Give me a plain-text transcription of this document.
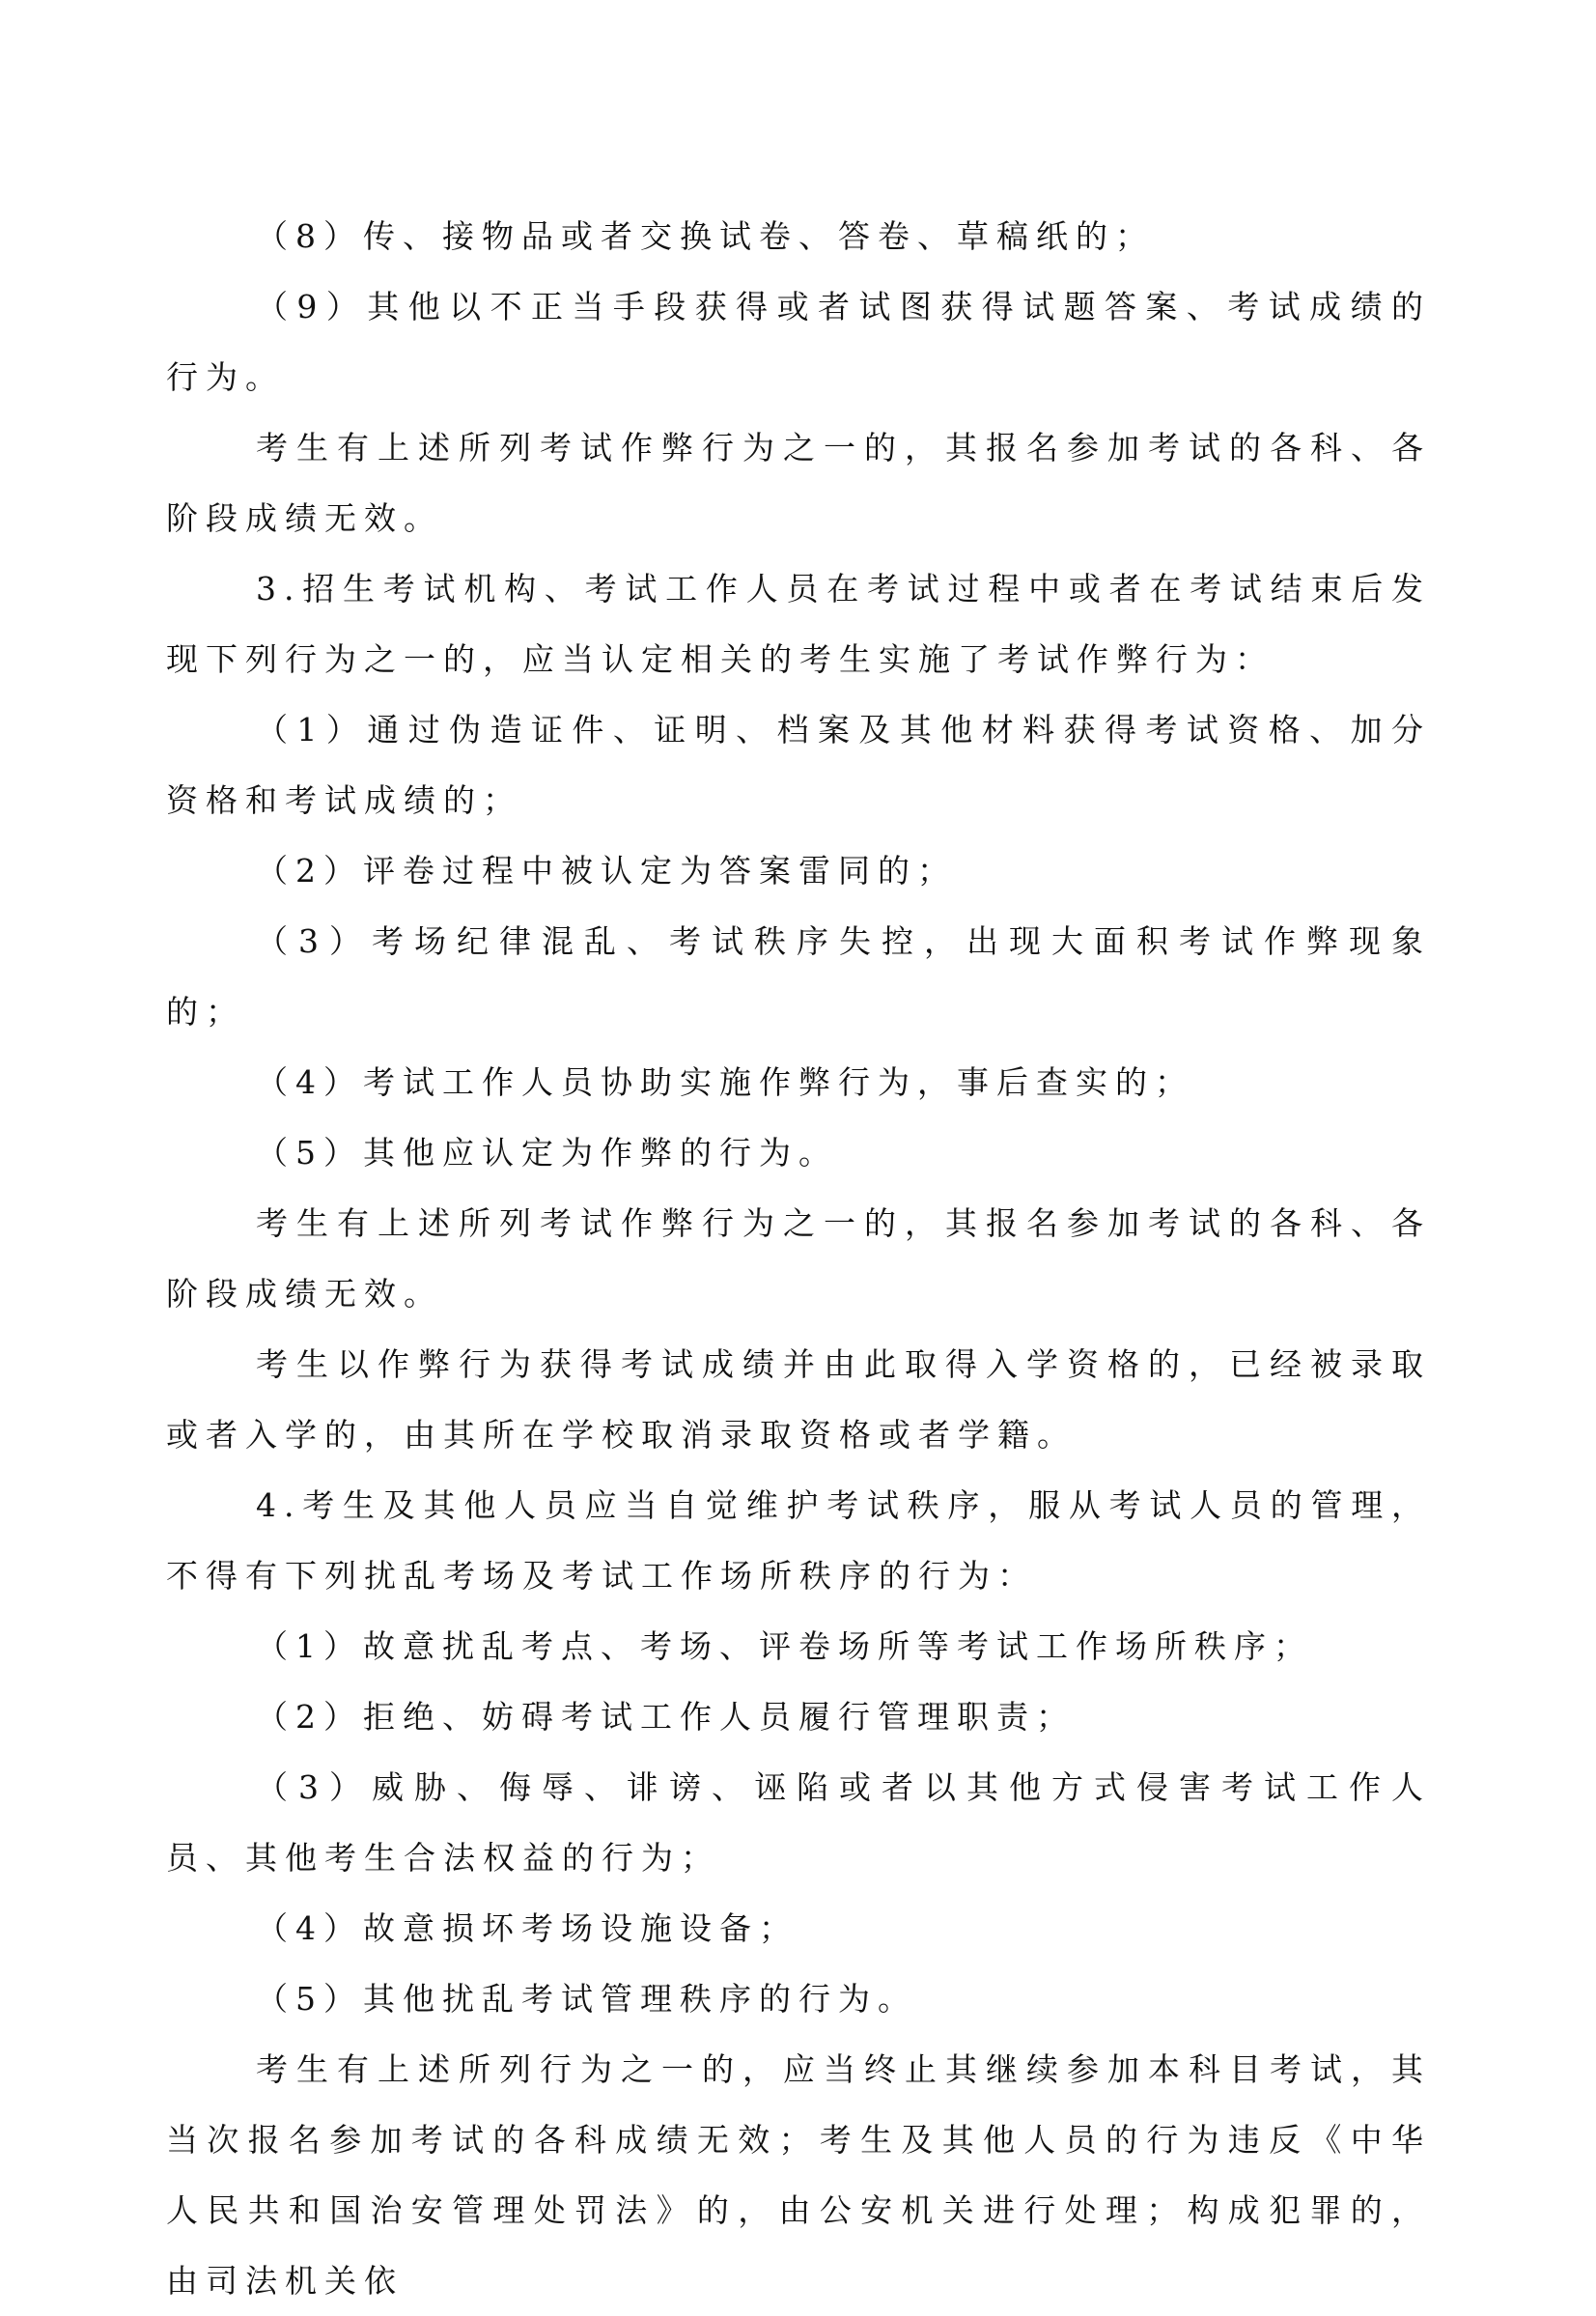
（8）传、接物品或者交换试卷、答卷、草稿纸的；

（9）其他以不正当手段获得或者试图获得试题答案、考试成绩的行为。

考生有上述所列考试作弊行为之一的，其报名参加考试的各科、各阶段成绩无效。

3.招生考试机构、考试工作人员在考试过程中或者在考试结束后发现下列行为之一的，应当认定相关的考生实施了考试作弊行为：

（1）通过伪造证件、证明、档案及其他材料获得考试资格、加分资格和考试成绩的；

（2）评卷过程中被认定为答案雷同的；

（3）考场纪律混乱、考试秩序失控，出现大面积考试作弊现象的；

（4）考试工作人员协助实施作弊行为，事后查实的；

（5）其他应认定为作弊的行为。

考生有上述所列考试作弊行为之一的，其报名参加考试的各科、各阶段成绩无效。

考生以作弊行为获得考试成绩并由此取得入学资格的，已经被录取或者入学的，由其所在学校取消录取资格或者学籍。

4.考生及其他人员应当自觉维护考试秩序，服从考试人员的管理，不得有下列扰乱考场及考试工作场所秩序的行为：

（1）故意扰乱考点、考场、评卷场所等考试工作场所秩序；

（2）拒绝、妨碍考试工作人员履行管理职责；

（3）威胁、侮辱、诽谤、诬陷或者以其他方式侵害考试工作人员、其他考生合法权益的行为；

（4）故意损坏考场设施设备；

（5）其他扰乱考试管理秩序的行为。

考生有上述所列行为之一的，应当终止其继续参加本科目考试，其当次报名参加考试的各科成绩无效；考生及其他人员的行为违反《中华人民共和国治安管理处罚法》的，由公安机关进行处理；构成犯罪的，由司法机关依
